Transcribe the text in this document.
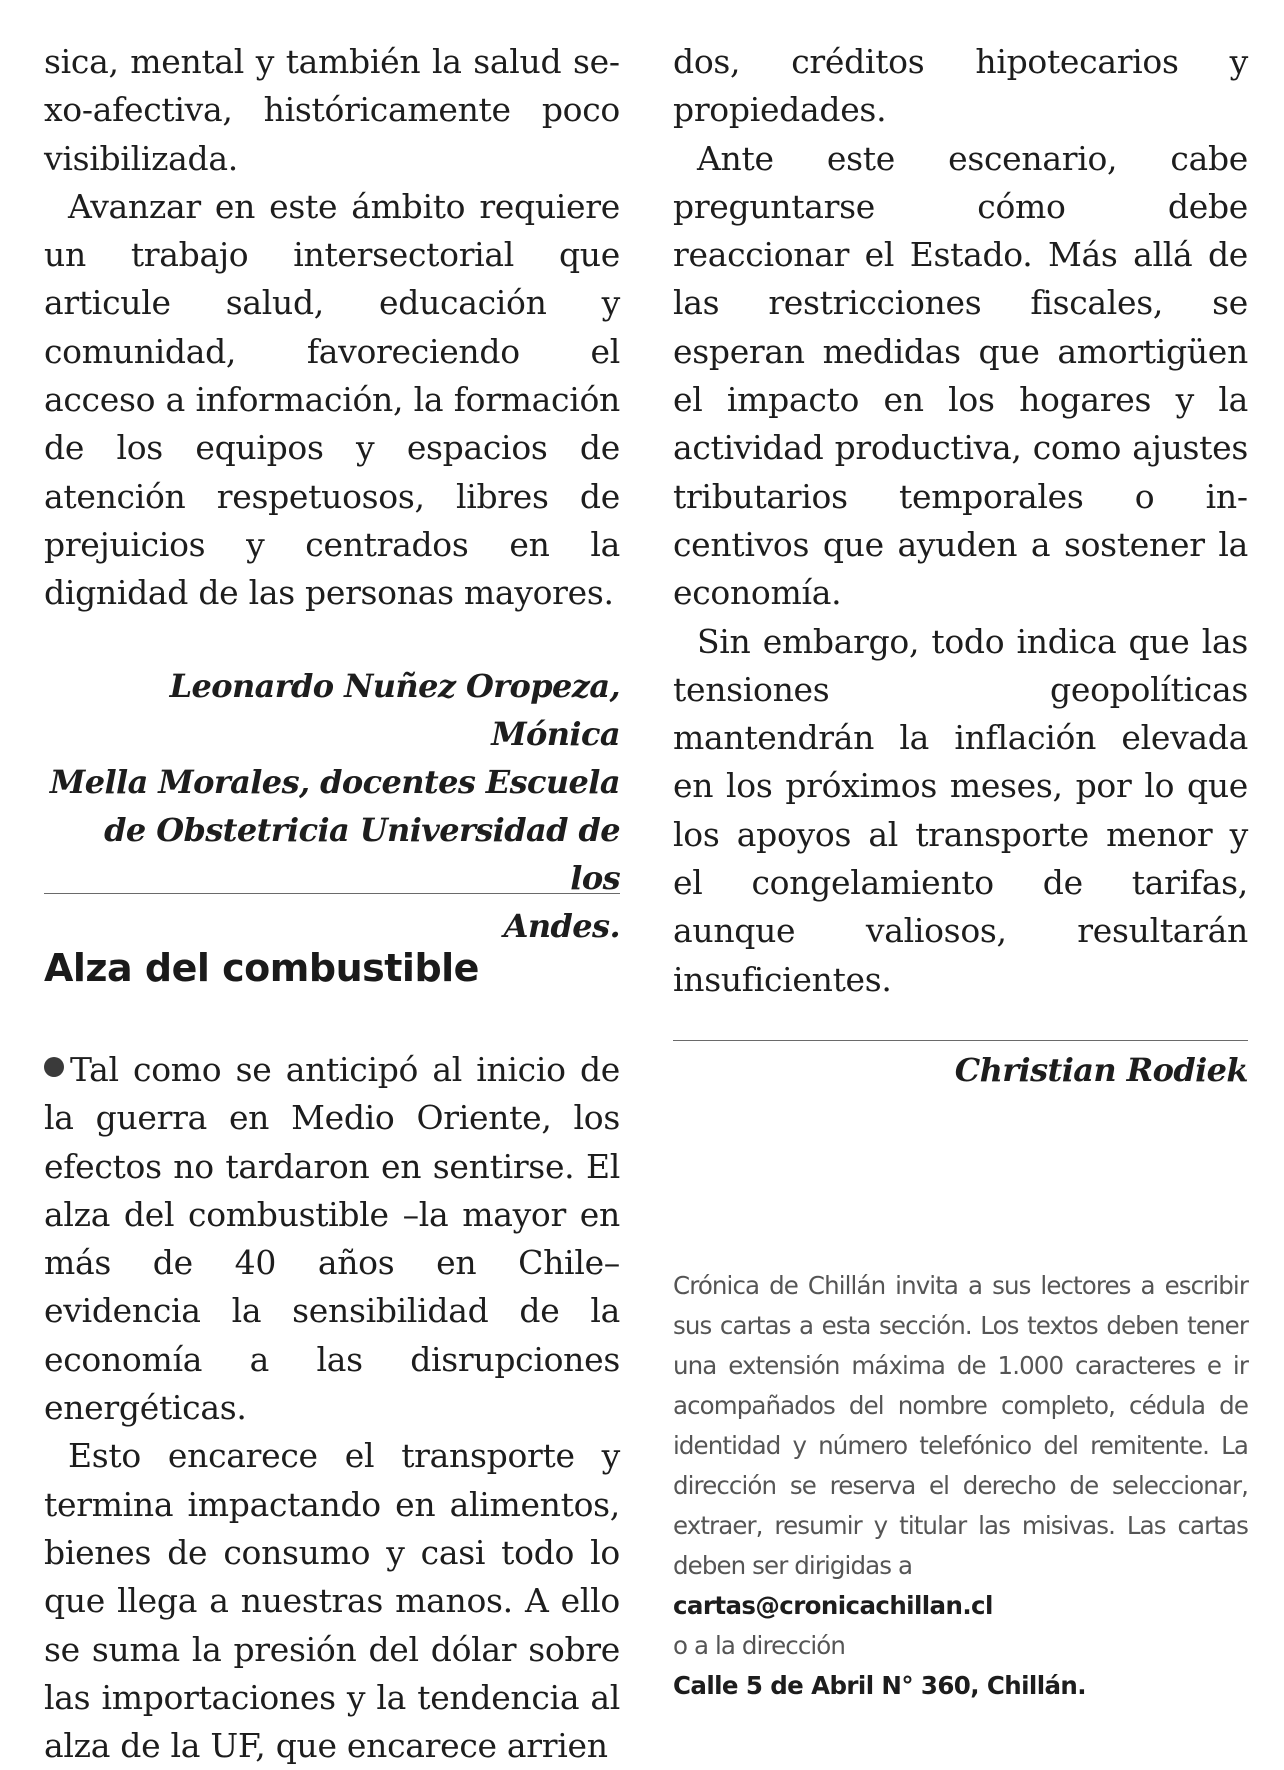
sica, mental y también la salud sexo-afectiva, históricamente poco visibilizada.

Avanzar en este ámbito requiere un trabajo intersectorial que articule salud, educación y comunidad, favoreciendo el acceso a información, la formación de los equipos y espacios de atención respetuosos, libres de prejuicios y centrados en la dignidad de las personas mayores.

Leonardo Nuñez Oropeza, Mónica

Mella Morales, docentes Escuela

de Obstetricia Universidad de los

Andes.

Alza del combustible

Tal como se anticipó al inicio de la guerra en Medio Oriente, los efectos no tardaron en sentirse. El alza del combustible –la mayor en más de 40 años en Chile– evidencia la sensibilidad de la economía a las disrupciones energéticas.

Esto encarece el transporte y termina impactando en alimentos, bienes de consumo y casi todo lo que llega a nuestras manos. A ello se suma la presión del dólar sobre las importaciones y la tendencia al alza de la UF, que encarece arrien

dos, créditos hipotecarios y propiedades.

Ante este escenario, cabe preguntarse cómo debe reaccionar el Estado. Más allá de las restricciones fiscales, se esperan medidas que amortigüen el impacto en los hogares y la actividad productiva, como ajustes tributarios temporales o incentivos que ayuden a sostener la economía.

Sin embargo, todo indica que las tensiones geopolíticas mantendrán la inflación elevada en los próximos meses, por lo que los apoyos al transporte menor y el congelamiento de tarifas, aunque valiosos, resultarán insuficientes.

Christian Rodiek

Crónica de Chillán invita a sus lectores a escribir sus cartas a esta sección. Los textos deben tener una extensión máxima de 1.000 caracteres e ir acompañados del nombre completo, cédula de identidad y número telefónico del remitente. La dirección se reserva el derecho de seleccionar, extraer, resumir y titular las misivas. Las cartas deben ser dirigidas a

cartas@cronicachillan.cl

o a la dirección

Calle 5 de Abril N° 360, Chillán.
